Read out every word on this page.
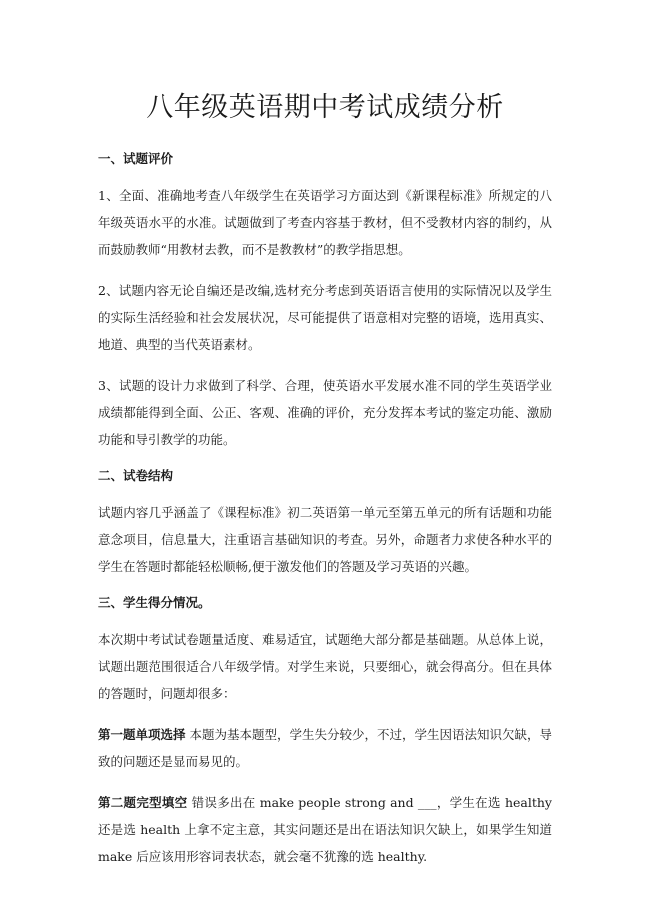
八年级英语期中考试成绩分析
一、试题评价

1、全面、准确地考查八年级学生在英语学习方面达到《新课程标准》所规定的八年级英语水平的水准。试题做到了考查内容基于教材，但不受教材内容的制约，从而鼓励教师“用教材去教，而不是教教材”的教学指思想。

2、试题内容无论自编还是改编,选材充分考虑到英语语言使用的实际情况以及学生的实际生活经验和社会发展状况，尽可能提供了语意相对完整的语境，选用真实、地道、典型的当代英语素材。

3、试题的设计力求做到了科学、合理，使英语水平发展水准不同的学生英语学业成绩都能得到全面、公正、客观、准确的评价，充分发挥本考试的鉴定功能、激励功能和导引教学的功能。

二、试卷结构

试题内容几乎涵盖了《课程标准》初二英语第一单元至第五单元的所有话题和功能意念项目，信息量大，注重语言基础知识的考查。另外，命题者力求使各种水平的学生在答题时都能轻松顺畅,便于激发他们的答题及学习英语的兴趣。

三、学生得分情况。

本次期中考试试卷题量适度、难易适宜，试题绝大部分都是基础题。从总体上说，试题出题范围很适合八年级学情。对学生来说，只要细心，就会得高分。但在具体的答题时，问题却很多：

第一题单项选择 本题为基本题型，学生失分较少，不过，学生因语法知识欠缺，导致的问题还是显而易见的。

第二题完型填空 错误多出在 make people strong and ___，学生在选 healthy 还是选 health 上拿不定主意，其实问题还是出在语法知识欠缺上，如果学生知道 make 后应该用形容词表状态，就会毫不犹豫的选 healthy.
